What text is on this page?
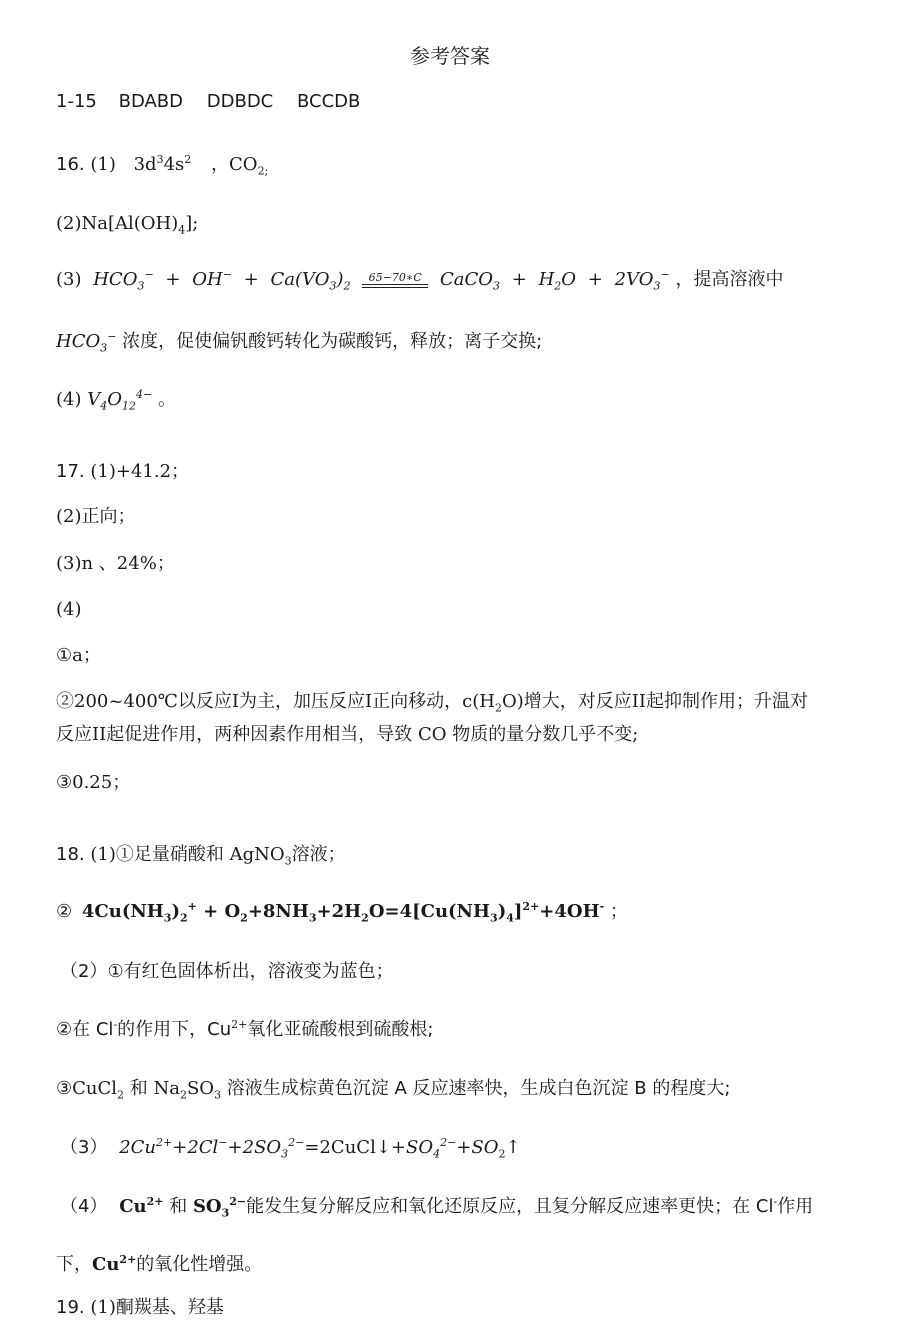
参考答案
1-15 BDABD DDBDC BCCDB
16. (1) $3d^34s^2$ ，$CO_{2;}$
$(2)Na[Al(OH)_4]$;
(3) $HCO_3^- + OH^- + Ca(VO_3)_2$
65−70∗C	CaCO$_3$ + $H_2O + 2VO_3^-$ ，提高溶液中
$HCO_3^-$ 浓度，促使偏钒酸钙转化为碳酸钙，释放；离子交换;
(4) $V_4O_{12}^{4-}$ 。
17. (1)+41.2；
(2)正向；
(3)n 、24%；
(4)
①a；
②200~400℃以反应I为主，加压反应I正向移动，$c(H_2O)$增大，对反应II起抑制作用；升温对
反应II起促进作用，两种因素作用相当，导致 CO 物质的量分数几乎不变;
③0.25；
18. (1)①足量硝酸和 AgNO$_3$溶液；
② $4Cu(NH_3)_2^+ + O_2+8NH_3+2H_2O=4[Cu(NH_3)_4]^{2+}+4OH^-$ ；
（2）①有红色固体析出，溶液变为蓝色；
②在 Cl-的作用下，$Cu^{2+}$氧化亚硫酸根到硫酸根;
③CuCl$_2$ 和 $Na_2SO_3$ 溶液生成棕黄色沉淀 A 反应速率快，生成白色沉淀 B 的程度大;
（3） $2Cu^{2+}+2Cl^-+2SO_3^{2-}=2CuCl↓+SO_4^{2-}+SO_2↑$
（4） $Cu^{2+}$ 和 $SO_3^{2-}$能发生复分解反应和氧化还原反应，且复分解反应速率更快；在 Cl-作用
下，$Cu^{2+}$的氧化性增强。
19. (1)酮羰基、羟基
